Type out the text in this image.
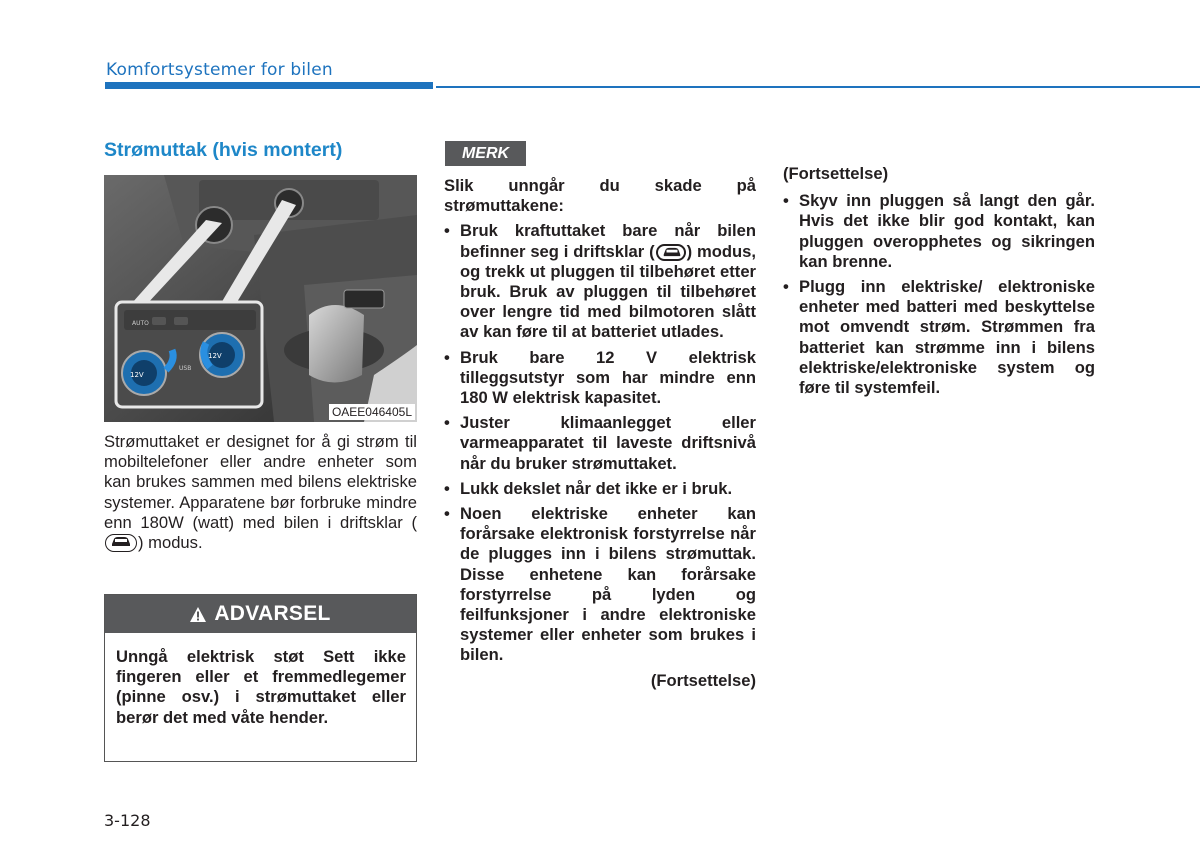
Komfortsystemer for bilen
Strømuttak (hvis montert)
AUTO
12V
12V
USB
OAEE046405L
Strømuttaket er designet for å gi strøm til mobiltelefoner eller andre enheter som kan brukes sammen med bilens elektriske systemer. Apparatene bør forbruke mindre enn 180W (watt) med bilen i driftsklar (
) modus.
ADVARSEL
Unngå elektrisk støt Sett ikke fingeren eller et fremmedlegemer (pinne osv.) i strømuttaket eller berør det med våte hender.
MERK
Slik unngår du skade på strømuttakene:
• Bruk kraftuttaket bare når bilen befinner seg i driftsklar ( ) modus, og trekk ut pluggen til tilbehøret etter bruk. Bruk av pluggen til tilbehøret over lengre tid med bilmotoren slått av kan føre til at batteriet utlades.
• Bruk bare 12 V elektrisk tilleggsutstyr som har mindre enn 180 W elektrisk kapasitet.
• Juster klimaanlegget eller varmeapparatet til laveste driftsnivå når du bruker strømuttaket.
• Lukk dekslet når det ikke er i bruk.
• Noen elektriske enheter kan forårsake elektronisk forstyrrelse når de plugges inn i bilens strømuttak. Disse enhetene kan forårsake forstyrrelse på lyden og feilfunksjoner i andre elektroniske systemer eller enheter som brukes i bilen.
(Fortsettelse)
(Fortsettelse)
• Skyv inn pluggen så langt den går. Hvis det ikke blir god kontakt, kan pluggen overopphetes og sikringen kan brenne.
• Plugg inn elektriske/ elektroniske enheter med batteri med beskyttelse mot omvendt strøm. Strømmen fra batteriet kan strømme inn i bilens elektriske/elektroniske system og føre til systemfeil.
3-128
